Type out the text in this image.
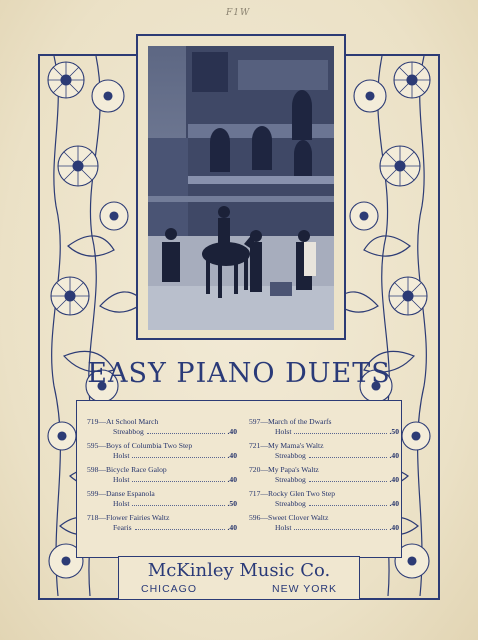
F1W
EASY PIANO DUETS
719—At School March
Streabbog	.40
595—Boys of Columbia Two Step
Holst	.40
598—Bicycle Race Galop
Holst	.40
599—Danse Espanola
Holst	.50
718—Flower Fairies Waltz
Fearis	.40
597—March of the Dwarfs
Holst	.50
721—My Mama's Waltz
Streabbog	.40
720—My Papa's Waltz
Streabbog	.40
717—Rocky Glen Two Step
Streabbog	.40
596—Sweet Clover Waltz
Holst	.40
McKinley Music Co.
CHICAGO	NEW YORK
